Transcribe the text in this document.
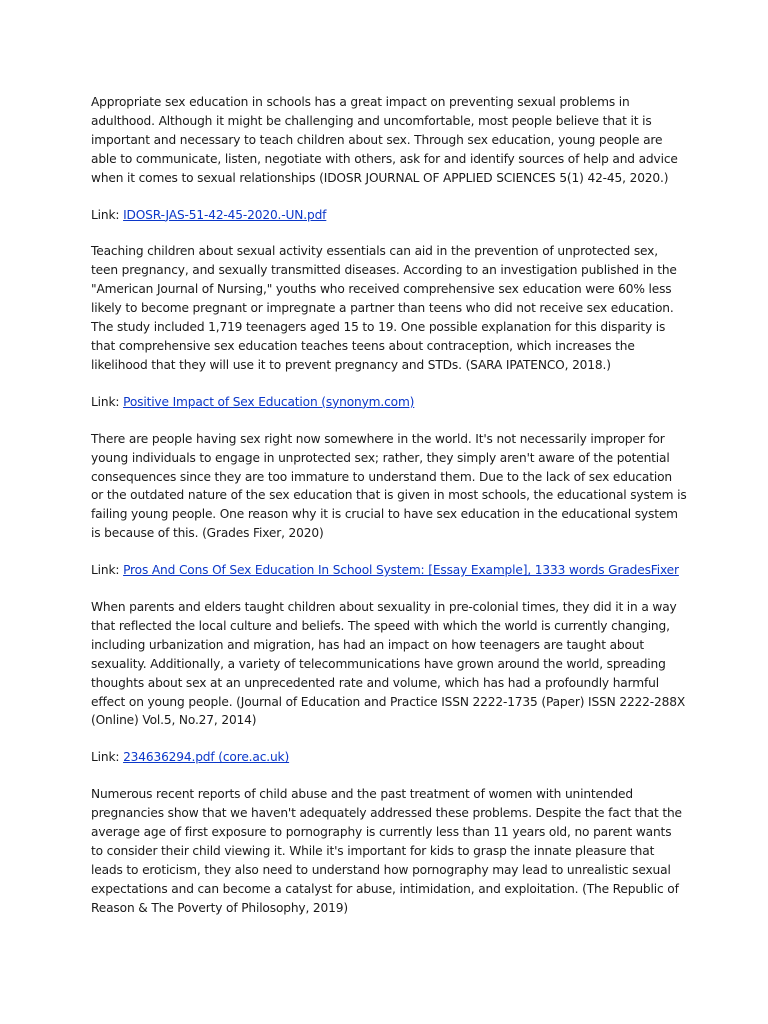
Appropriate sex education in schools has a great impact on preventing sexual problems in adulthood. Although it might be challenging and uncomfortable, most people believe that it is important and necessary to teach children about sex. Through sex education, young people are able to communicate, listen, negotiate with others, ask for and identify sources of help and advice when it comes to sexual relationships (IDOSR JOURNAL OF APPLIED SCIENCES 5(1) 42-45, 2020.)

Link: IDOSR-JAS-51-42-45-2020.-UN.pdf

Teaching children about sexual activity essentials can aid in the prevention of unprotected sex, teen pregnancy, and sexually transmitted diseases. According to an investigation published in the "American Journal of Nursing," youths who received comprehensive sex education were 60% less likely to become pregnant or impregnate a partner than teens who did not receive sex education. The study included 1,719 teenagers aged 15 to 19. One possible explanation for this disparity is that comprehensive sex education teaches teens about contraception, which increases the likelihood that they will use it to prevent pregnancy and STDs. (SARA IPATENCO, 2018.)

Link: Positive Impact of Sex Education (synonym.com)

There are people having sex right now somewhere in the world. It's not necessarily improper for young individuals to engage in unprotected sex; rather, they simply aren't aware of the potential consequences since they are too immature to understand them. Due to the lack of sex education or the outdated nature of the sex education that is given in most schools, the educational system is failing young people. One reason why it is crucial to have sex education in the educational system is because of this. (Grades Fixer, 2020)

Link: Pros And Cons Of Sex Education In School System: [Essay Example], 1333 words GradesFixer

When parents and elders taught children about sexuality in pre-colonial times, they did it in a way that reflected the local culture and beliefs. The speed with which the world is currently changing, including urbanization and migration, has had an impact on how teenagers are taught about sexuality. Additionally, a variety of telecommunications have grown around the world, spreading thoughts about sex at an unprecedented rate and volume, which has had a profoundly harmful effect on young people. (Journal of Education and Practice ISSN 2222-1735 (Paper) ISSN 2222-288X (Online) Vol.5, No.27, 2014)

Link: 234636294.pdf (core.ac.uk)

Numerous recent reports of child abuse and the past treatment of women with unintended pregnancies show that we haven't adequately addressed these problems. Despite the fact that the average age of first exposure to pornography is currently less than 11 years old, no parent wants to consider their child viewing it. While it's important for kids to grasp the innate pleasure that leads to eroticism, they also need to understand how pornography may lead to unrealistic sexual expectations and can become a catalyst for abuse, intimidation, and exploitation. (The Republic of Reason & The Poverty of Philosophy, 2019)
